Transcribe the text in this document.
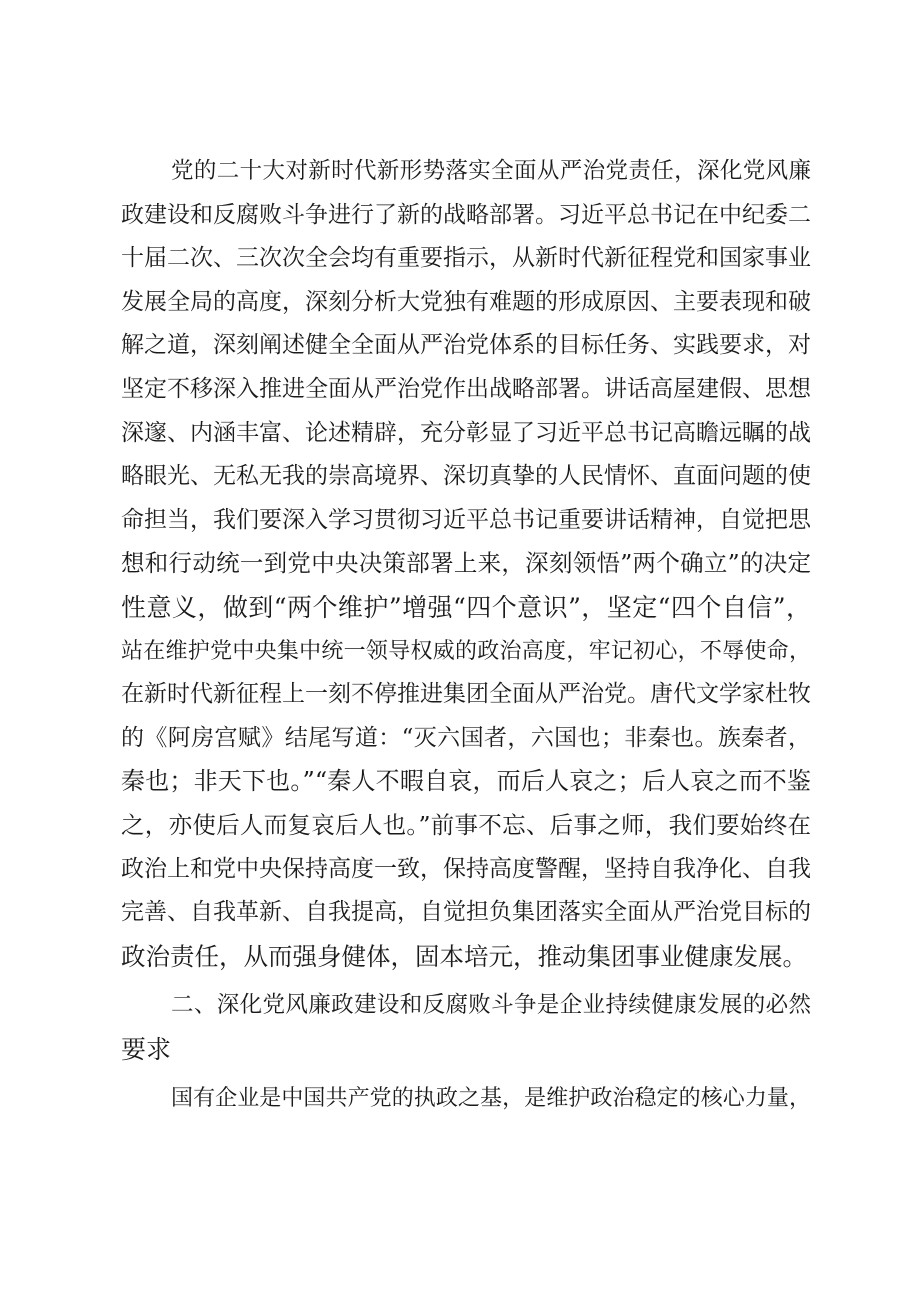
党的二十大对新时代新形势落实全面从严治党责任，深化党风廉
政建设和反腐败斗争进行了新的战略部署。习近平总书记在中纪委二
十届二次、三次次全会均有重要指示，从新时代新征程党和国家事业
发展全局的高度，深刻分析大党独有难题的形成原因、主要表现和破
解之道，深刻阐述健全全面从严治党体系的目标任务、实践要求，对
坚定不移深入推进全面从严治党作出战略部署。讲话高屋建假、思想
深邃、内涵丰富、论述精辟，充分彰显了习近平总书记高瞻远瞩的战
略眼光、无私无我的崇高境界、深切真挚的人民情怀、直面问题的使
命担当，我们要深入学习贯彻习近平总书记重要讲话精神，自觉把思
想和行动统一到党中央决策部署上来，深刻领悟”两个确立”的决定
性意义，做到“两个维护”增强“四个意识”，坚定“四个自信”，
站在维护党中央集中统一领导权威的政治高度，牢记初心，不辱使命，
在新时代新征程上一刻不停推进集团全面从严治党。唐代文学家杜牧
的《阿房宫赋》结尾写道：“灭六国者，六国也；非秦也。族秦者，
秦也；非天下也。”“秦人不暇自哀，而后人哀之；后人哀之而不鉴
之，亦使后人而复哀后人也。”前事不忘、后事之师，我们要始终在
政治上和党中央保持高度一致，保持高度警醒，坚持自我净化、自我
完善、自我革新、自我提高，自觉担负集团落实全面从严治党目标的
政治责任，从而强身健体，固本培元，推动集团事业健康发展。
二、深化党风廉政建设和反腐败斗争是企业持续健康发展的必然
要求
国有企业是中国共产党的执政之基，是维护政治稳定的核心力量，
